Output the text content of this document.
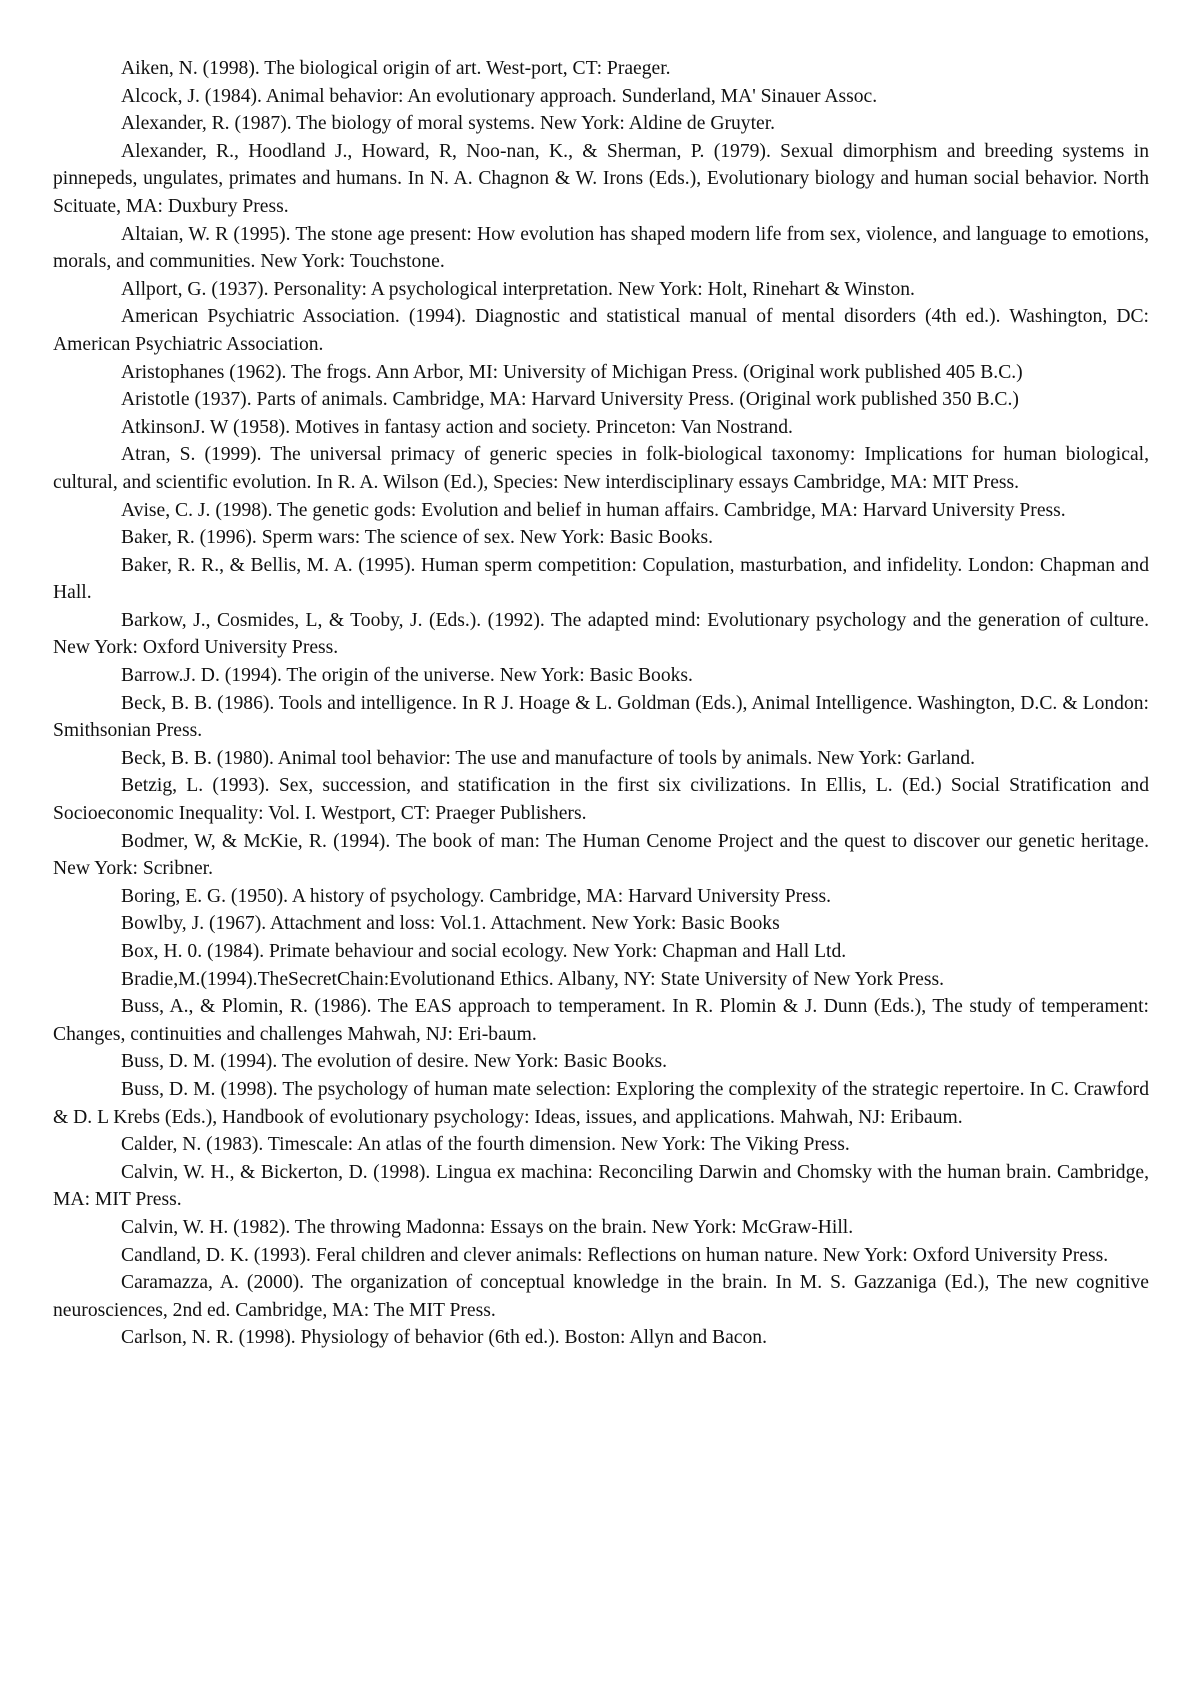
Aiken, N. (1998). The biological origin of art. West-port, CT: Praeger.
Alcock, J. (1984). Animal behavior: An evolutionary approach. Sunderland, MA' Sinauer Assoc.
Alexander, R. (1987). The biology of moral systems. New York: Aldine de Gruyter.
Alexander, R., Hoodland J., Howard, R, Noo-nan, K., & Sherman, P. (1979). Sexual dimorphism and breeding systems in pinnepeds, ungulates, primates and humans. In N. A. Chagnon & W. Irons (Eds.), Evolutionary biology and human social behavior. North Scituate, MA: Duxbury Press.
Altaian, W. R (1995). The stone age present: How evolution has shaped modern life from sex, violence, and language to emotions, morals, and communities. New York: Touchstone.
Allport, G. (1937). Personality: A psychological interpretation. New York: Holt, Rinehart & Winston.
American Psychiatric Association. (1994). Diagnostic and statistical manual of mental disorders (4th ed.). Washington, DC: American Psychiatric Association.
Aristophanes (1962). The frogs. Ann Arbor, MI: University of Michigan Press. (Original work published 405 B.C.)
Aristotle (1937). Parts of animals. Cambridge, MA: Harvard University Press. (Original work published 350 B.C.)
AtkinsonJ. W (1958). Motives in fantasy action and society. Princeton: Van Nostrand.
Atran, S. (1999). The universal primacy of generic species in folk-biological taxonomy: Implications for human biological, cultural, and scientific evolution. In R. A. Wilson (Ed.), Species: New interdisciplinary essays Cambridge, MA: MIT Press.
Avise, C. J. (1998). The genetic gods: Evolution and belief in human affairs. Cambridge, MA: Harvard University Press.
Baker, R. (1996). Sperm wars: The science of sex. New York: Basic Books.
Baker, R. R., & Bellis, M. A. (1995). Human sperm competition: Copulation, masturbation, and infidelity. London: Chapman and Hall.
Barkow, J., Cosmides, L, & Tooby, J. (Eds.). (1992). The adapted mind: Evolutionary psychology and the generation of culture. New York: Oxford University Press.
Barrow.J. D. (1994). The origin of the universe. New York: Basic Books.
Beck, B. B. (1986). Tools and intelligence. In R J. Hoage & L. Goldman (Eds.), Animal Intelligence. Washington, D.C. & London: Smithsonian Press.
Beck, B. B. (1980). Animal tool behavior: The use and manufacture of tools by animals. New York: Garland.
Betzig, L. (1993). Sex, succession, and statification in the first six civilizations. In Ellis, L. (Ed.) Social Stratification and Socioeconomic Inequality: Vol. I. Westport, CT: Praeger Publishers.
Bodmer, W, & McKie, R. (1994). The book of man: The Human Cenome Project and the quest to discover our genetic heritage. New York: Scribner.
Boring, E. G. (1950). A history of psychology. Cambridge, MA: Harvard University Press.
Bowlby, J. (1967). Attachment and loss: Vol.1. Attachment. New York: Basic Books
Box, H. 0. (1984). Primate behaviour and social ecology. New York: Chapman and Hall Ltd.
Bradie,M.(1994).TheSecretChain:Evolutionand Ethics. Albany, NY: State University of New York Press.
Buss, A., & Plomin, R. (1986). The EAS approach to temperament. In R. Plomin & J. Dunn (Eds.), The study of temperament: Changes, continuities and challenges Mahwah, NJ: Eri-baum.
Buss, D. M. (1994). The evolution of desire. New York: Basic Books.
Buss, D. M. (1998). The psychology of human mate selection: Exploring the complexity of the strategic repertoire. In C. Crawford & D. L Krebs (Eds.), Handbook of evolutionary psychology: Ideas, issues, and applications. Mahwah, NJ: Eribaum.
Calder, N. (1983). Timescale: An atlas of the fourth dimension. New York: The Viking Press.
Calvin, W. H., & Bickerton, D. (1998). Lingua ex machina: Reconciling Darwin and Chomsky with the human brain. Cambridge, MA: MIT Press.
Calvin, W. H. (1982). The throwing Madonna: Essays on the brain. New York: McGraw-Hill.
Candland, D. K. (1993). Feral children and clever animals: Reflections on human nature. New York: Oxford University Press.
Caramazza, A. (2000). The organization of conceptual knowledge in the brain. In M. S. Gazzaniga (Ed.), The new cognitive neurosciences, 2nd ed. Cambridge, MA: The MIT Press.
Carlson, N. R. (1998). Physiology of behavior (6th ed.). Boston: Allyn and Bacon.
